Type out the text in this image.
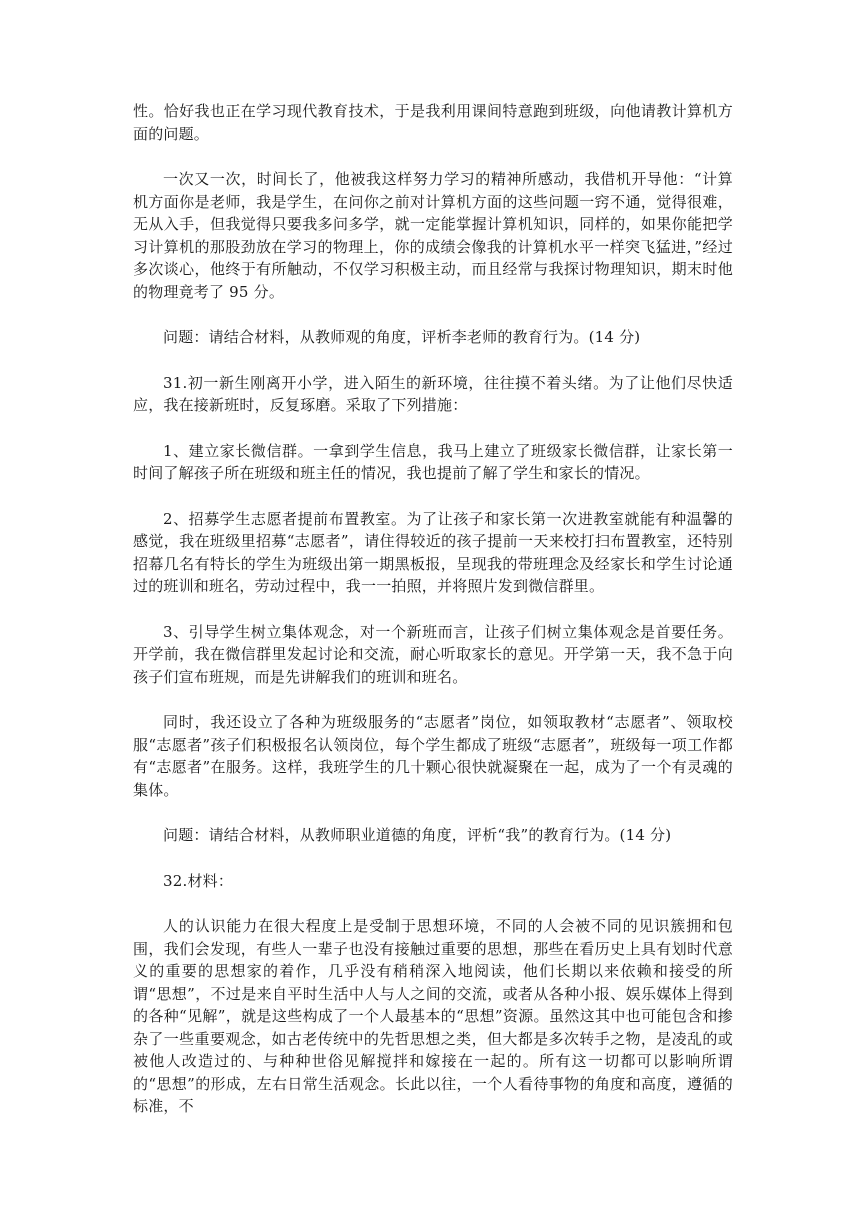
性。恰好我也正在学习现代教育技术，于是我利用课间特意跑到班级，向他请教计算机方面的问题。

一次又一次，时间长了，他被我这样努力学习的精神所感动，我借机开导他：“计算机方面你是老师，我是学生，在问你之前对计算机方面的这些问题一窍不通，觉得很难，无从入手，但我觉得只要我多问多学，就一定能掌握计算机知识，同样的，如果你能把学习计算机的那股劲放在学习的物理上，你的成绩会像我的计算机水平一样突飞猛进，”经过多次谈心，他终于有所触动，不仅学习积极主动，而且经常与我探讨物理知识，期末时他的物理竟考了 95 分。

问题：请结合材料，从教师观的角度，评析李老师的教育行为。(14 分)

31.初一新生刚离开小学，进入陌生的新环境，往往摸不着头绪。为了让他们尽快适应，我在接新班时，反复琢磨。采取了下列措施：

1、建立家长微信群。一拿到学生信息，我马上建立了班级家长微信群，让家长第一时间了解孩子所在班级和班主任的情况，我也提前了解了学生和家长的情况。

2、招募学生志愿者提前布置教室。为了让孩子和家长第一次进教室就能有种温馨的感觉，我在班级里招募“志愿者”，请住得较近的孩子提前一天来校打扫布置教室，还特别招幕几名有特长的学生为班级出第一期黑板报，呈现我的带班理念及经家长和学生讨论通过的班训和班名，劳动过程中，我一一拍照，并将照片发到微信群里。

3、引导学生树立集体观念，对一个新班而言，让孩子们树立集体观念是首要任务。开学前，我在微信群里发起讨论和交流，耐心听取家长的意见。开学第一天，我不急于向孩子们宣布班规，而是先讲解我们的班训和班名。

同时，我还设立了各种为班级服务的“志愿者”岗位，如领取教材“志愿者”、领取校服“志愿者”孩子们积极报名认领岗位，每个学生都成了班级“志愿者”，班级每一项工作都有“志愿者”在服务。这样，我班学生的几十颗心很快就凝聚在一起，成为了一个有灵魂的集体。

问题：请结合材料，从教师职业道德的角度，评析“我”的教育行为。(14 分)

32.材料：

人的认识能力在很大程度上是受制于思想环境，不同的人会被不同的见识簇拥和包围，我们会发现，有些人一辈子也没有接触过重要的思想，那些在看历史上具有划时代意义的重要的思想家的着作，几乎没有稍稍深入地阅读，他们长期以来依赖和接受的所谓“思想”，不过是来自平时生活中人与人之间的交流，或者从各种小报、娱乐媒体上得到的各种“见解”，就是这些构成了一个人最基本的“思想”资源。虽然这其中也可能包含和掺杂了一些重要观念，如古老传统中的先哲思想之类，但大都是多次转手之物，是凌乱的或被他人改造过的、与种种世俗见解搅拌和嫁接在一起的。所有这一切都可以影响所谓的“思想”的形成，左右日常生活观念。长此以往，一个人看待事物的角度和高度，遵循的标准，不
